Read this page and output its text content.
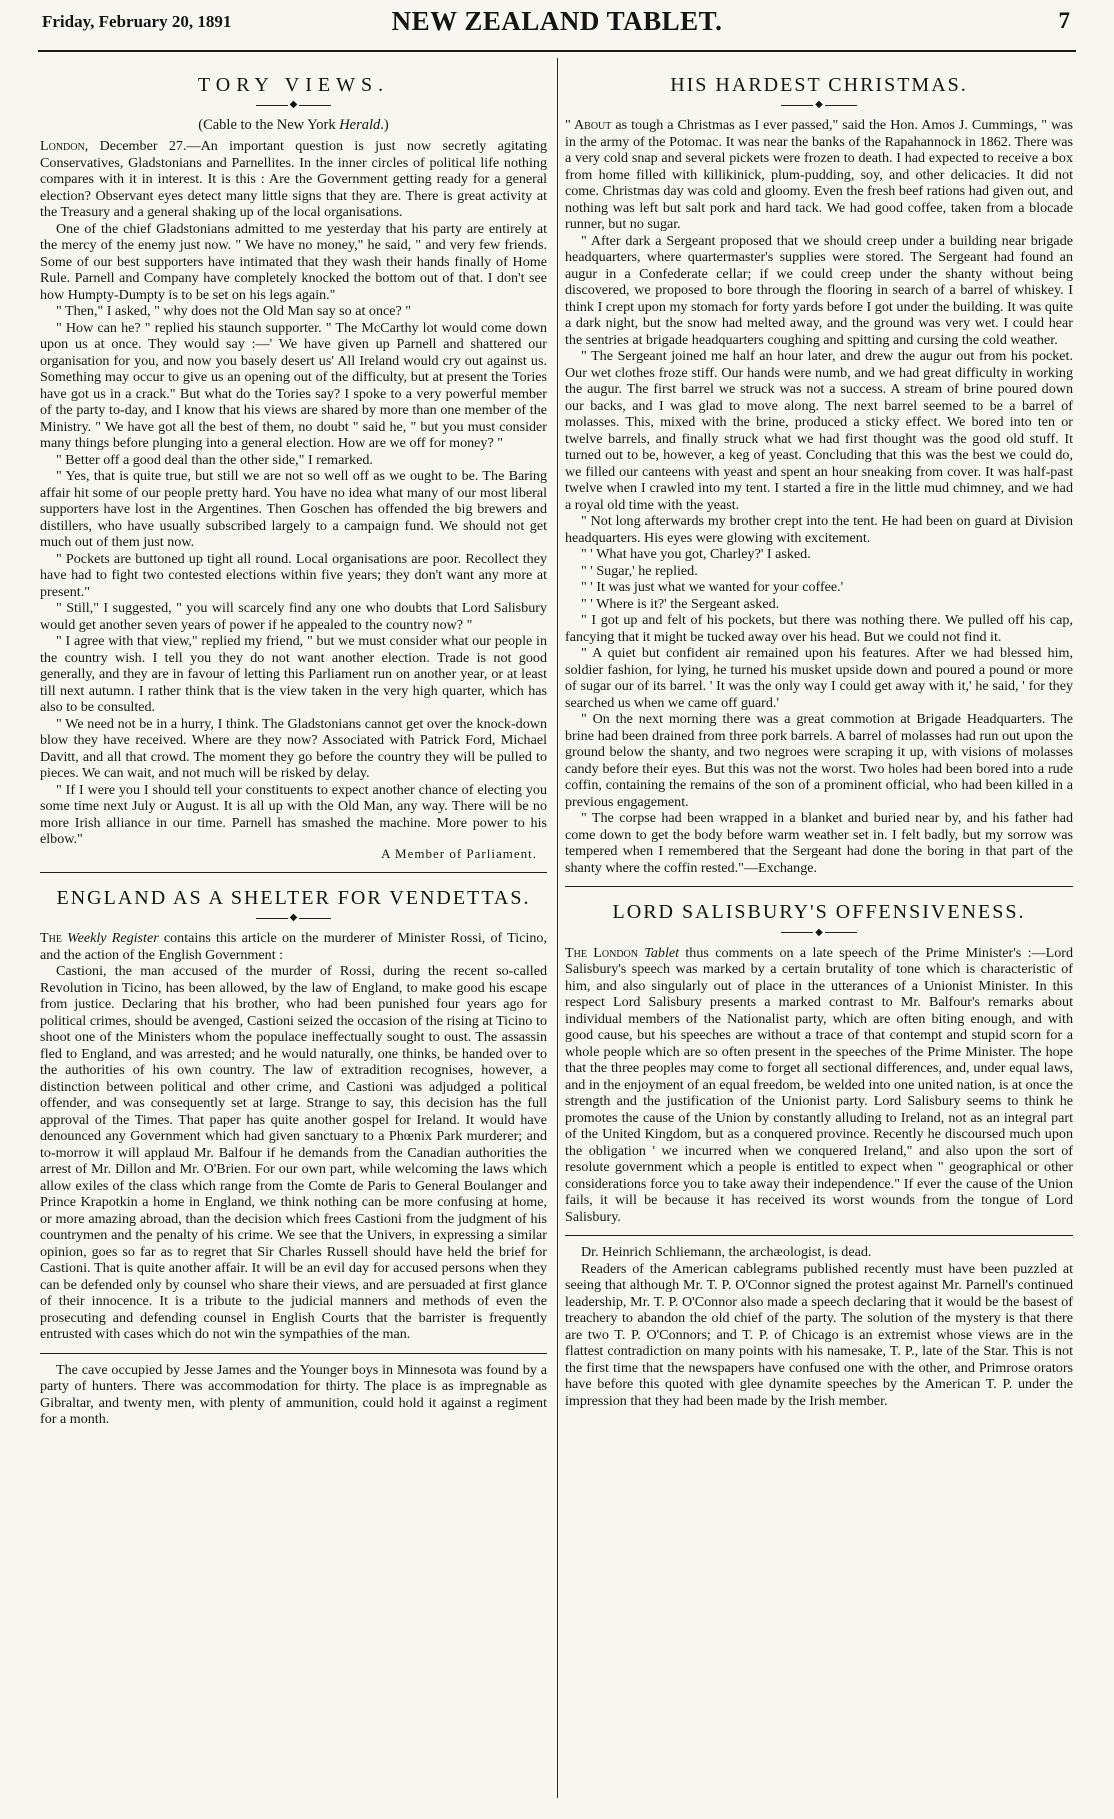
Friday, February 20, 1891	NEW ZEALAND TABLET.	7
TORY VIEWS.
◆
(Cable to the New York Herald.)

London, December 27.—An important question is just now secretly agitating Conservatives, Gladstonians and Parnellites. In the inner circles of political life nothing compares with it in interest. It is this : Are the Government getting ready for a general election? Observant eyes detect many little signs that they are. There is great activity at the Treasury and a general shaking up of the local organisations.

One of the chief Gladstonians admitted to me yesterday that his party are entirely at the mercy of the enemy just now. " We have no money," he said, " and very few friends. Some of our best supporters have intimated that they wash their hands finally of Home Rule. Parnell and Company have completely knocked the bottom out of that. I don't see how Humpty-Dumpty is to be set on his legs again."

" Then," I asked, " why does not the Old Man say so at once? "

" How can he? " replied his staunch supporter. " The McCarthy lot would come down upon us at once. They would say :—' We have given up Parnell and shattered our organisation for you, and now you basely desert us' All Ireland would cry out against us. Something may occur to give us an opening out of the difficulty, but at present the Tories have got us in a crack." But what do the Tories say? I spoke to a very powerful member of the party to-day, and I know that his views are shared by more than one member of the Ministry. " We have got all the best of them, no doubt " said he, " but you must consider many things before plunging into a general election. How are we off for money? "

" Better off a good deal than the other side," I remarked.

" Yes, that is quite true, but still we are not so well off as we ought to be. The Baring affair hit some of our people pretty hard. You have no idea what many of our most liberal supporters have lost in the Argentines. Then Goschen has offended the big brewers and distillers, who have usually subscribed largely to a campaign fund. We should not get much out of them just now.

" Pockets are buttoned up tight all round. Local organisations are poor. Recollect they have had to fight two contested elections within five years; they don't want any more at present."

" Still," I suggested, " you will scarcely find any one who doubts that Lord Salisbury would get another seven years of power if he appealed to the country now? "

" I agree with that view," replied my friend, " but we must consider what our people in the country wish. I tell you they do not want another election. Trade is not good generally, and they are in favour of letting this Parliament run on another year, or at least till next autumn. I rather think that is the view taken in the very high quarter, which has also to be consulted.

" We need not be in a hurry, I think. The Gladstonians cannot get over the knock-down blow they have received. Where are they now? Associated with Patrick Ford, Michael Davitt, and all that crowd. The moment they go before the country they will be pulled to pieces. We can wait, and not much will be risked by delay.

" If I were you I should tell your constituents to expect another chance of electing you some time next July or August. It is all up with the Old Man, any way. There will be no more Irish alliance in our time. Parnell has smashed the machine. More power to his elbow."

A Member of Parliament.
ENGLAND AS A SHELTER FOR VENDETTAS.
◆

The Weekly Register contains this article on the murderer of Minister Rossi, of Ticino, and the action of the English Government :

Castioni, the man accused of the murder of Rossi, during the recent so-called Revolution in Ticino, has been allowed, by the law of England, to make good his escape from justice. Declaring that his brother, who had been punished four years ago for political crimes, should be avenged, Castioni seized the occasion of the rising at Ticino to shoot one of the Ministers whom the populace ineffectually sought to oust. The assassin fled to England, and was arrested; and he would naturally, one thinks, be handed over to the authorities of his own country. The law of extradition recognises, however, a distinction between political and other crime, and Castioni was adjudged a political offender, and was consequently set at large. Strange to say, this decision has the full approval of the Times. That paper has quite another gospel for Ireland. It would have denounced any Government which had given sanctuary to a Phœnix Park murderer; and to-morrow it will applaud Mr. Balfour if he demands from the Canadian authorities the arrest of Mr. Dillon and Mr. O'Brien. For our own part, while welcoming the laws which allow exiles of the class which range from the Comte de Paris to General Boulanger and Prince Krapotkin a home in England, we think nothing can be more confusing at home, or more amazing abroad, than the decision which frees Castioni from the judgment of his countrymen and the penalty of his crime. We see that the Univers, in expressing a similar opinion, goes so far as to regret that Sir Charles Russell should have held the brief for Castioni. That is quite another affair. It will be an evil day for accused persons when they can be defended only by counsel who share their views, and are persuaded at first glance of their innocence. It is a tribute to the judicial manners and methods of even the prosecuting and defending counsel in English Courts that the barrister is frequently entrusted with cases which do not win the sympathies of the man.

The cave occupied by Jesse James and the Younger boys in Minnesota was found by a party of hunters. There was accommodation for thirty. The place is as impregnable as Gibraltar, and twenty men, with plenty of ammunition, could hold it against a regiment for a month.

HIS HARDEST CHRISTMAS.
◆

" About as tough a Christmas as I ever passed," said the Hon. Amos J. Cummings, " was in the army of the Potomac. It was near the banks of the Rapahannock in 1862. There was a very cold snap and several pickets were frozen to death. I had expected to receive a box from home filled with killikinick, plum-pudding, soy, and other delicacies. It did not come. Christmas day was cold and gloomy. Even the fresh beef rations had given out, and nothing was left but salt pork and hard tack. We had good coffee, taken from a blocade runner, but no sugar.

" After dark a Sergeant proposed that we should creep under a building near brigade headquarters, where quartermaster's supplies were stored. The Sergeant had found an augur in a Confederate cellar; if we could creep under the shanty without being discovered, we proposed to bore through the flooring in search of a barrel of whiskey. I think I crept upon my stomach for forty yards before I got under the building. It was quite a dark night, but the snow had melted away, and the ground was very wet. I could hear the sentries at brigade headquarters coughing and spitting and cursing the cold weather.

" The Sergeant joined me half an hour later, and drew the augur out from his pocket. Our wet clothes froze stiff. Our hands were numb, and we had great difficulty in working the augur. The first barrel we struck was not a success. A stream of brine poured down our backs, and I was glad to move along. The next barrel seemed to be a barrel of molasses. This, mixed with the brine, produced a sticky effect. We bored into ten or twelve barrels, and finally struck what we had first thought was the good old stuff. It turned out to be, however, a keg of yeast. Concluding that this was the best we could do, we filled our canteens with yeast and spent an hour sneaking from cover. It was half-past twelve when I crawled into my tent. I started a fire in the little mud chimney, and we had a royal old time with the yeast.

" Not long afterwards my brother crept into the tent. He had been on guard at Division headquarters. His eyes were glowing with excitement.

" ' What have you got, Charley?' I asked.

" ' Sugar,' he replied.

" ' It was just what we wanted for your coffee.'

" ' Where is it?' the Sergeant asked.

" I got up and felt of his pockets, but there was nothing there. We pulled off his cap, fancying that it might be tucked away over his head. But we could not find it.

" A quiet but confident air remained upon his features. After we had blessed him, soldier fashion, for lying, he turned his musket upside down and poured a pound or more of sugar our of its barrel. ' It was the only way I could get away with it,' he said, ' for they searched us when we came off guard.'

" On the next morning there was a great commotion at Brigade Headquarters. The brine had been drained from three pork barrels. A barrel of molasses had run out upon the ground below the shanty, and two negroes were scraping it up, with visions of molasses candy before their eyes. But this was not the worst. Two holes had been bored into a rude coffin, containing the remains of the son of a prominent official, who had been killed in a previous engagement.

" The corpse had been wrapped in a blanket and buried near by, and his father had come down to get the body before warm weather set in. I felt badly, but my sorrow was tempered when I remembered that the Sergeant had done the boring in that part of the shanty where the coffin rested."—Exchange.

LORD SALISBURY'S OFFENSIVENESS.
◆

The London Tablet thus comments on a late speech of the Prime Minister's :—Lord Salisbury's speech was marked by a certain brutality of tone which is characteristic of him, and also singularly out of place in the utterances of a Unionist Minister. In this respect Lord Salisbury presents a marked contrast to Mr. Balfour's remarks about individual members of the Nationalist party, which are often biting enough, and with good cause, but his speeches are without a trace of that contempt and stupid scorn for a whole people which are so often present in the speeches of the Prime Minister. The hope that the three peoples may come to forget all sectional differences, and, under equal laws, and in the enjoyment of an equal freedom, be welded into one united nation, is at once the strength and the justification of the Unionist party. Lord Salisbury seems to think he promotes the cause of the Union by constantly alluding to Ireland, not as an integral part of the United Kingdom, but as a conquered province. Recently he discoursed much upon the obligation ' we incurred when we conquered Ireland," and also upon the sort of resolute government which a people is entitled to expect when " geographical or other considerations force you to take away their independence." If ever the cause of the Union fails, it will be because it has received its worst wounds from the tongue of Lord Salisbury.

Dr. Heinrich Schliemann, the archæologist, is dead.

Readers of the American cablegrams published recently must have been puzzled at seeing that although Mr. T. P. O'Connor signed the protest against Mr. Parnell's continued leadership, Mr. T. P. O'Connor also made a speech declaring that it would be the basest of treachery to abandon the old chief of the party. The solution of the mystery is that there are two T. P. O'Connors; and T. P. of Chicago is an extremist whose views are in the flattest contradiction on many points with his namesake, T. P., late of the Star. This is not the first time that the newspapers have confused one with the other, and Primrose orators have before this quoted with glee dynamite speeches by the American T. P. under the impression that they had been made by the Irish member.
